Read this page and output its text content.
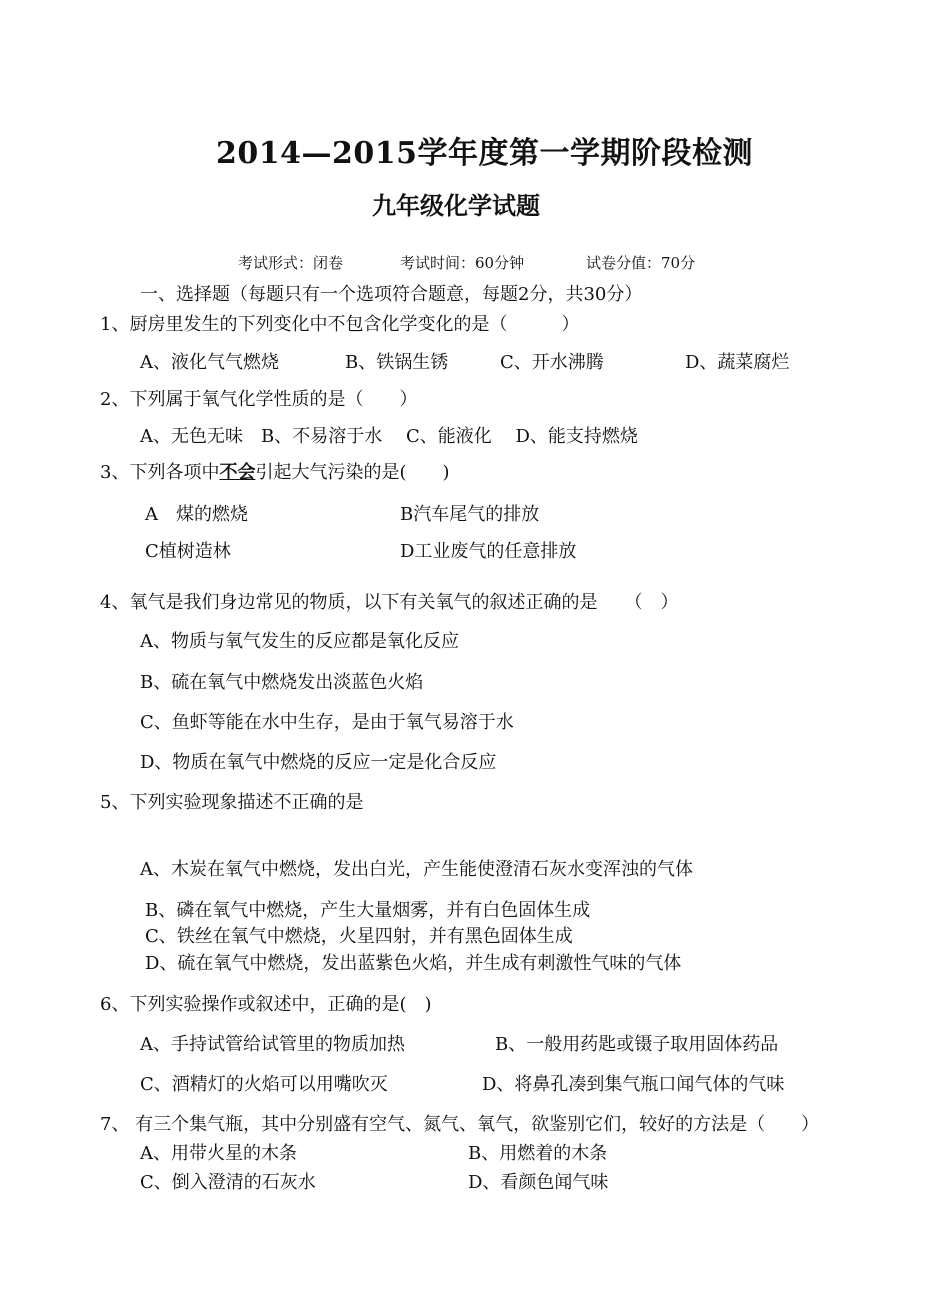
2014—2015学年度第一学期阶段检测
九年级化学试题
考试形式：闭卷	考试时间：60分钟	试卷分值：70分
一、选择题（每题只有一个选项符合题意，每题2分，共30分）
1、厨房里发生的下列变化中不包含化学变化的是（　　　）
A、液化气气燃烧	B、铁锅生锈	C、开水沸腾	D、蔬菜腐烂
2、下列属于氧气化学性质的是（　　）
A、无色无味　B、不易溶于水　 C、能液化　 D、能支持燃烧
3、下列各项中不会引起大气污染的是(　　)
A　煤的燃烧	B汽车尾气的排放
C植树造林	D工业废气的任意排放
4、氧气是我们身边常见的物质，以下有关氧气的叙述正确的是　　（　）
A、物质与氧气发生的反应都是氧化反应
B、硫在氧气中燃烧发出淡蓝色火焰
C、鱼虾等能在水中生存，是由于氧气易溶于水
D、物质在氧气中燃烧的反应一定是化合反应
5、下列实验现象描述不正确的是
A、木炭在氧气中燃烧，发出白光，产生能使澄清石灰水变浑浊的气体
B、磷在氧气中燃烧，产生大量烟雾，并有白色固体生成
C、铁丝在氧气中燃烧，火星四射，并有黑色固体生成
D、硫在氧气中燃烧，发出蓝紫色火焰，并生成有刺激性气味的气体
6、下列实验操作或叙述中，正确的是(　)
A、手持试管给试管里的物质加热	B、一般用药匙或镊子取用固体药品
C、酒精灯的火焰可以用嘴吹灭	D、将鼻孔凑到集气瓶口闻气体的气味
7、 有三个集气瓶，其中分别盛有空气、氮气、氧气，欲鉴别它们，较好的方法是（　　）
A、用带火星的木条	B、用燃着的木条
C、倒入澄清的石灰水	D、看颜色闻气味
